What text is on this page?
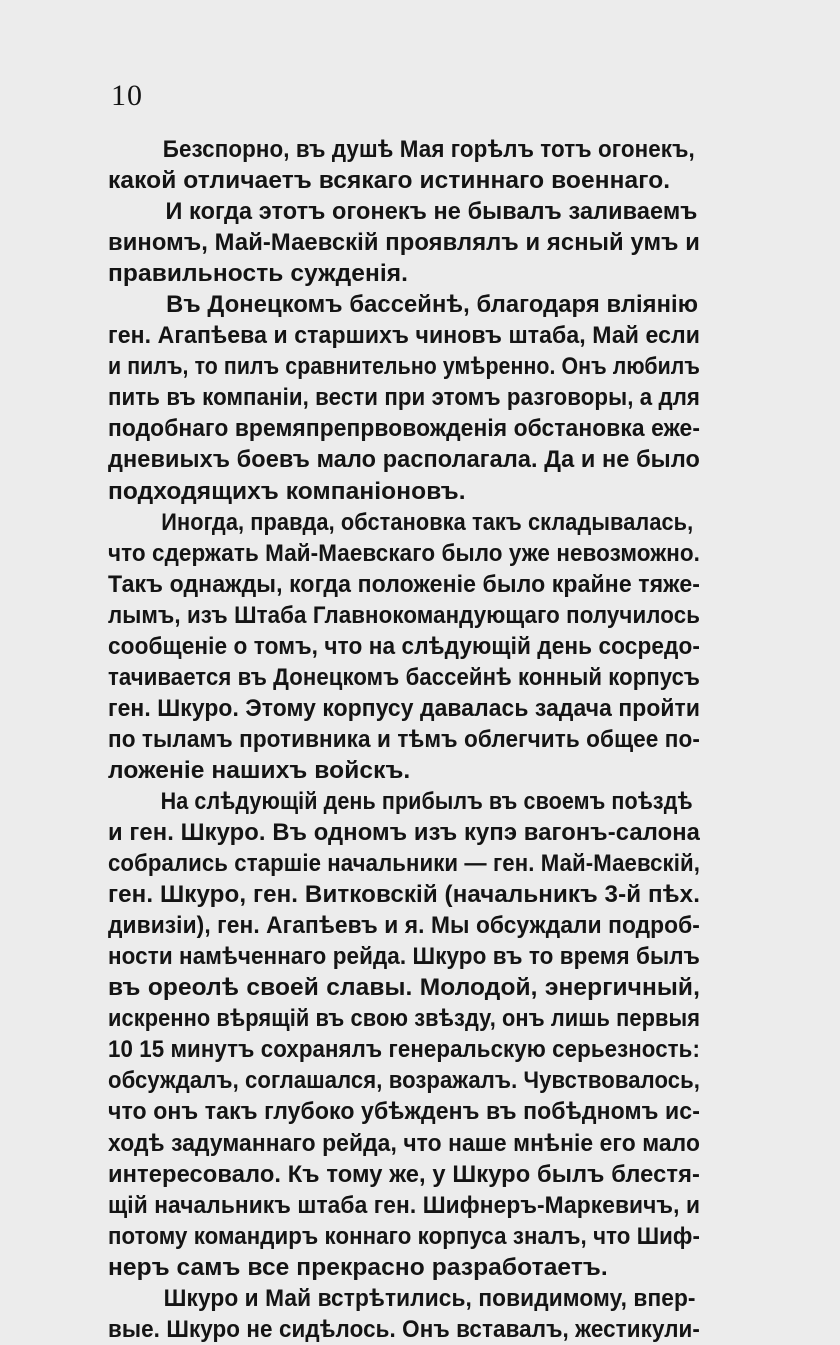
10
Безспорно, въ душѣ Мая горѣлъ тотъ огонекъ,
какой отличаетъ всякаго истиннаго военнаго.
И когда этотъ огонекъ не бывалъ заливаемъ
виномъ, Май-Маевскій проявлялъ и ясный умъ и
правильность сужденія.
Въ Донецкомъ бассейнѣ, благодаря вліянію
ген. Агапѣева и старшихъ чиновъ штаба, Май если
и пилъ, то пилъ сравнительно умѣренно. Онъ любилъ
пить въ компаніи, вести при этомъ разговоры, а для
подобнаго времяпрепрвовожденія обстановка еже-
дневиыхъ боевъ мало располагала. Да и не было
подходящихъ компаніоновъ.
Иногда, правда, обстановка такъ складывалась,
что сдержать Май-Маевскаго было уже невозможно.
Такъ однажды, когда положеніе было крайне тяже-
лымъ, изъ Штаба Главнокомандующаго получилось
сообщеніе о томъ, что на слѣдующій день сосредо-
тачивается въ Донецкомъ бассейнѣ конный корпусъ
ген. Шкуро. Этому корпусу давалась задача пройти
по тыламъ противника и тѣмъ облегчить общее по-
ложеніе нашихъ войскъ.
На слѣдующій день прибылъ въ своемъ поѣздѣ
и ген. Шкуро. Въ одномъ изъ купэ вагонъ-салона
собрались старшіе начальники — ген. Май-Маевскій,
ген. Шкуро, ген. Витковскій (начальникъ 3-й пѣх.
дивизіи), ген. Агапѣевъ и я. Мы обсуждали подроб-
ности намѣченнаго рейда. Шкуро въ то время былъ
въ ореолѣ своей славы. Молодой, энергичный,
искренно вѣрящій въ свою звѣзду, онъ лишь первыя
10 15 минутъ сохранялъ генеральскую серьезность:
обсуждалъ, соглашался, возражалъ. Чувствовалось,
что онъ такъ глубоко убѣжденъ въ побѣдномъ ис-
ходѣ задуманнаго рейда, что наше мнѣніе его мало
интересовало. Къ тому же, у Шкуро былъ блестя-
щій начальникъ штаба ген. Шифнеръ-Маркевичъ, и
потому командиръ коннаго корпуса зналъ, что Шиф-
неръ самъ все прекрасно разработаетъ.
Шкуро и Май встрѣтились, повидимому, впер-
вые. Шкуро не сидѣлось. Онъ вставалъ, жестикули-
